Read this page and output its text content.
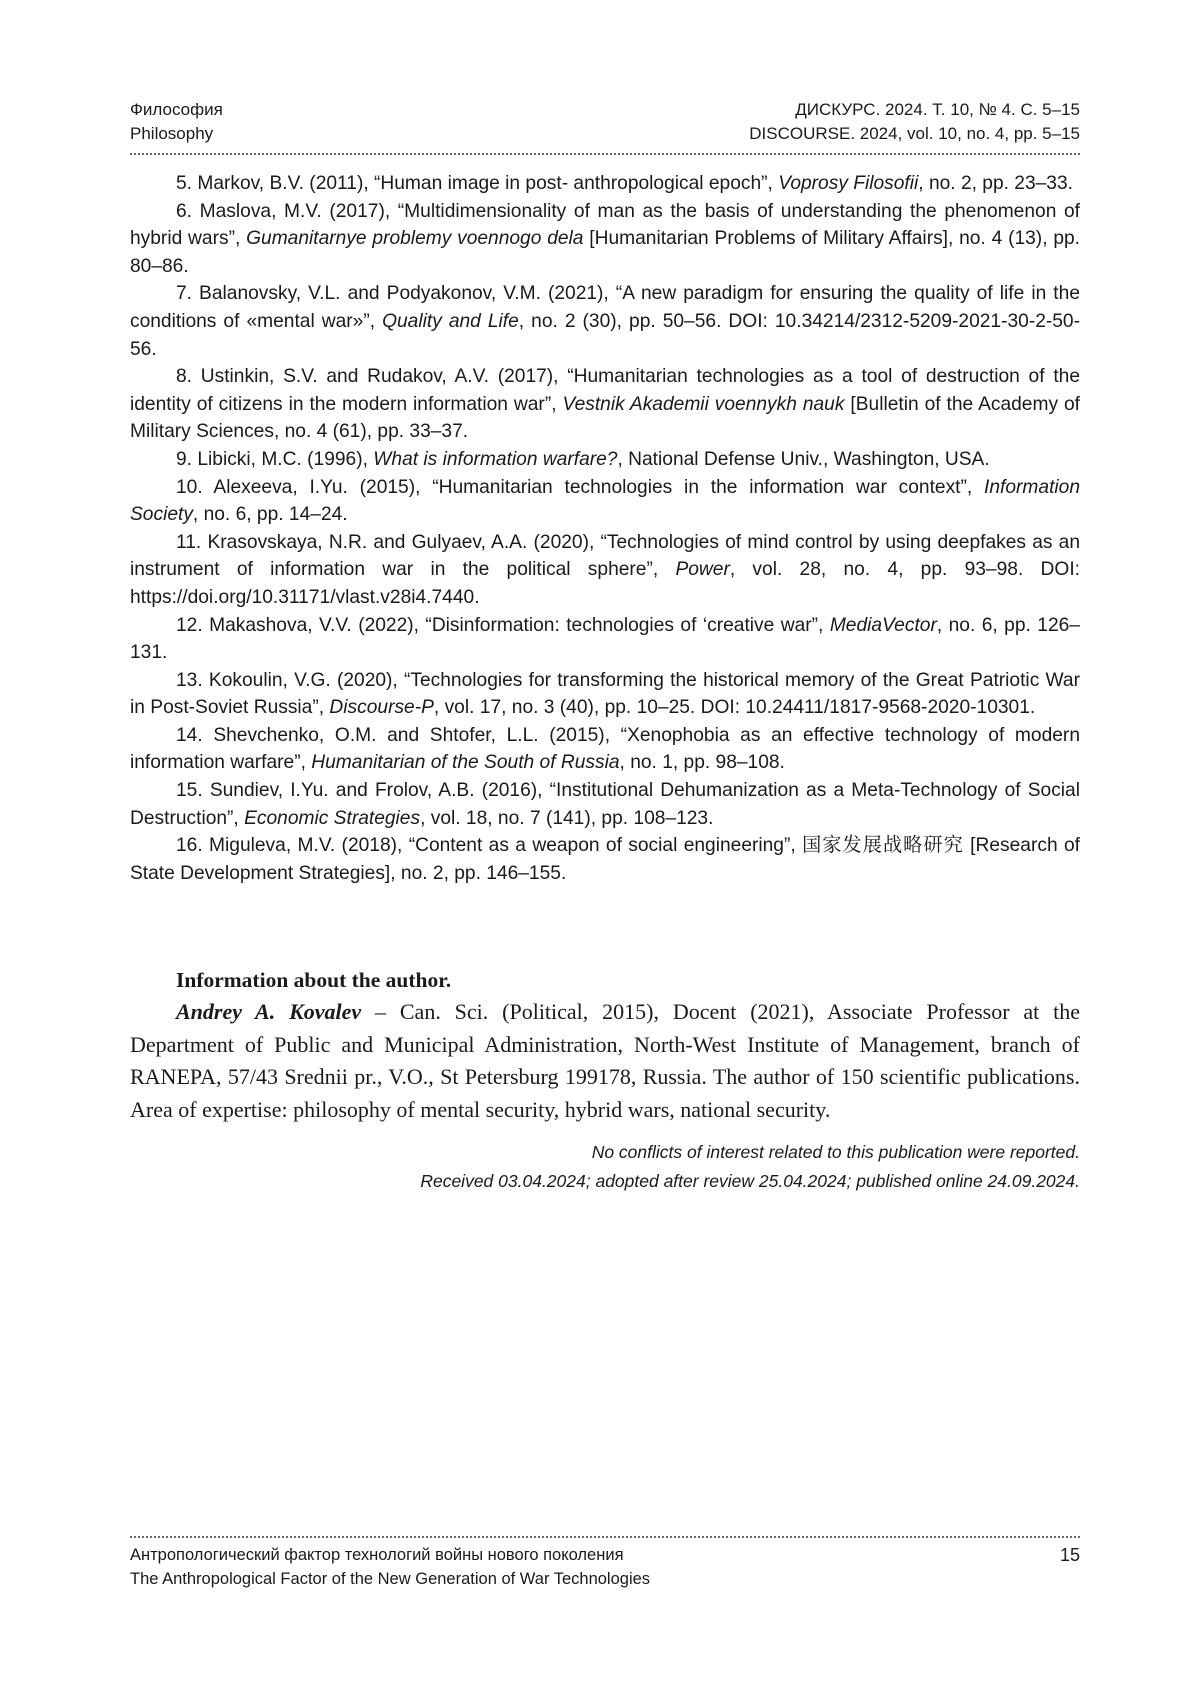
Философия
Philosophy
ДИСКУРС. 2024. Т. 10, № 4. С. 5–15
DISCOURSE. 2024, vol. 10, no. 4, pp. 5–15

5. Markov, B.V. (2011), “Human image in post- anthropological epoch”, Voprosy Filosofii, no. 2, pp. 23–33.

6. Maslova, M.V. (2017), “Multidimensionality of man as the basis of understanding the phenomenon of hybrid wars”, Gumanitarnye problemy voennogo dela [Humanitarian Problems of Military Affairs], no. 4 (13), pp. 80–86.

7. Balanovsky, V.L. and Podyakonov, V.M. (2021), “A new paradigm for ensuring the quality of life in the conditions of «mental war»”, Quality and Life, no. 2 (30), pp. 50–56. DOI: 10.34214/2312-5209-2021-30-2-50-56.

8. Ustinkin, S.V. and Rudakov, A.V. (2017), “Humanitarian technologies as a tool of destruction of the identity of citizens in the modern information war”, Vestnik Akademii voennykh nauk [Bulletin of the Academy of Military Sciences, no. 4 (61), pp. 33–37.

9. Libicki, M.C. (1996), What is information warfare?, National Defense Univ., Washington, USA.

10. Alexeeva, I.Yu. (2015), “Humanitarian technologies in the information war context”, Information Society, no. 6, pp. 14–24.

11. Krasovskaya, N.R. and Gulyaev, A.A. (2020), “Technologies of mind control by using deepfakes as an instrument of information war in the political sphere”, Power, vol. 28, no. 4, pp. 93–98. DOI: https://doi.org/10.31171/vlast.v28i4.7440.

12. Makashova, V.V. (2022), “Disinformation: technologies of ‘creative war”, MediaVector, no. 6, pp. 126–131.

13. Kokoulin, V.G. (2020), “Technologies for transforming the historical memory of the Great Patriotic War in Post-Soviet Russia”, Discourse-P, vol. 17, no. 3 (40), pp. 10–25. DOI: 10.24411/1817-9568-2020-10301.

14. Shevchenko, O.M. and Shtofer, L.L. (2015), “Xenophobia as an effective technology of modern information warfare”, Humanitarian of the South of Russia, no. 1, pp. 98–108.

15. Sundiev, I.Yu. and Frolov, A.B. (2016), “Institutional Dehumanization as a Meta-Technology of Social Destruction”, Economic Strategies, vol. 18, no. 7 (141), pp. 108–123.

16. Miguleva, M.V. (2018), “Content as a weapon of social engineering”, 国家发展战略研究 [Research of State Development Strategies], no. 2, pp. 146–155.

Information about the author.

Andrey A. Kovalev – Can. Sci. (Political, 2015), Docent (2021), Associate Professor at the Department of Public and Municipal Administration, North-West Institute of Management, branch of RANEPA, 57/43 Srednii pr., V.O., St Petersburg 199178, Russia. The author of 150 scientific publications. Area of expertise: philosophy of mental security, hybrid wars, national security.

No conflicts of interest related to this publication were reported.
Received 03.04.2024; adopted after review 25.04.2024; published online 24.09.2024.
Антропологический фактор технологий войны нового поколения
The Anthropological Factor of the New Generation of War Technologies
15
